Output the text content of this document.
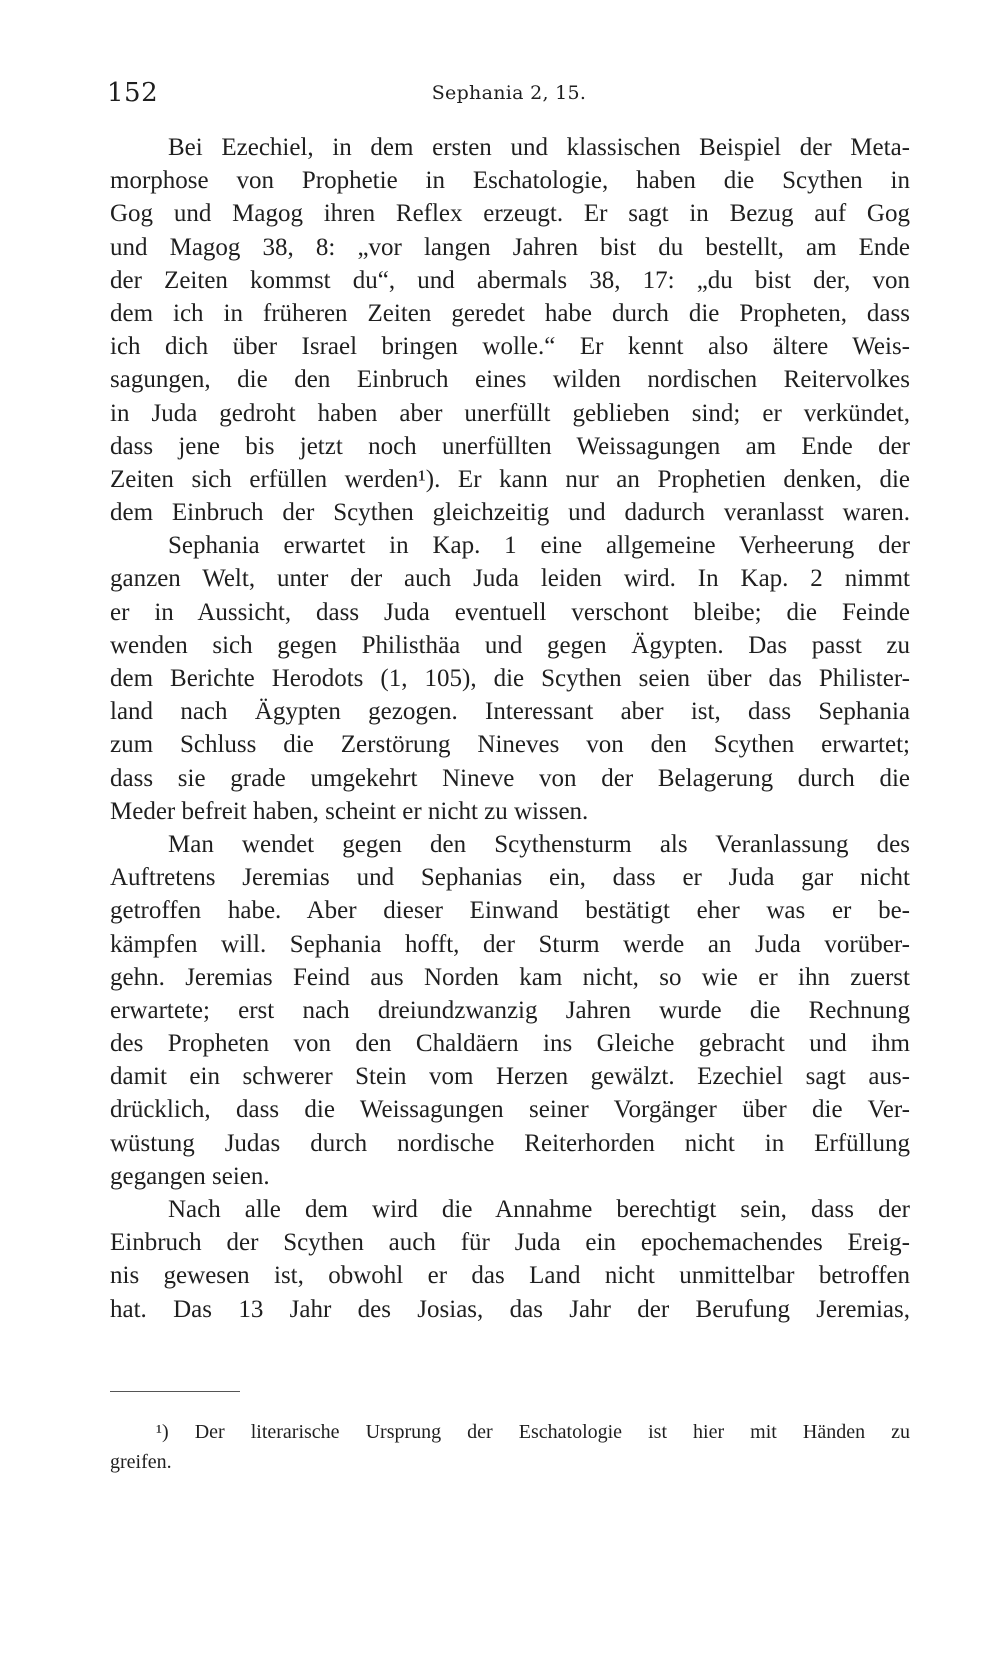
152	Sephania 2, 15.
Bei Ezechiel, in dem ersten und klassischen Beispiel der Meta-
morphose von Prophetie in Eschatologie, haben die Scythen in
Gog und Magog ihren Reflex erzeugt. Er sagt in Bezug auf Gog
und Magog 38, 8: „vor langen Jahren bist du bestellt, am Ende
der Zeiten kommst du“, und abermals 38, 17: „du bist der, von
dem ich in früheren Zeiten geredet habe durch die Propheten, dass
ich dich über Israel bringen wolle.“ Er kennt also ältere Weis-
sagungen, die den Einbruch eines wilden nordischen Reitervolkes
in Juda gedroht haben aber unerfüllt geblieben sind; er verkündet,
dass jene bis jetzt noch unerfüllten Weissagungen am Ende der
Zeiten sich erfüllen werden¹). Er kann nur an Prophetien denken, die
dem Einbruch der Scythen gleichzeitig und dadurch veranlasst waren.
Sephania erwartet in Kap. 1 eine allgemeine Verheerung der
ganzen Welt, unter der auch Juda leiden wird. In Kap. 2 nimmt
er in Aussicht, dass Juda eventuell verschont bleibe; die Feinde
wenden sich gegen Philisthäa und gegen Ägypten. Das passt zu
dem Berichte Herodots (1, 105), die Scythen seien über das Philister-
land nach Ägypten gezogen. Interessant aber ist, dass Sephania
zum Schluss die Zerstörung Nineves von den Scythen erwartet;
dass sie grade umgekehrt Nineve von der Belagerung durch die
Meder befreit haben, scheint er nicht zu wissen.
Man wendet gegen den Scythensturm als Veranlassung des
Auftretens Jeremias und Sephanias ein, dass er Juda gar nicht
getroffen habe. Aber dieser Einwand bestätigt eher was er be-
kämpfen will. Sephania hofft, der Sturm werde an Juda vorüber-
gehn. Jeremias Feind aus Norden kam nicht, so wie er ihn zuerst
erwartete; erst nach dreiundzwanzig Jahren wurde die Rechnung
des Propheten von den Chaldäern ins Gleiche gebracht und ihm
damit ein schwerer Stein vom Herzen gewälzt. Ezechiel sagt aus-
drücklich, dass die Weissagungen seiner Vorgänger über die Ver-
wüstung Judas durch nordische Reiterhorden nicht in Erfüllung
gegangen seien.
Nach alle dem wird die Annahme berechtigt sein, dass der
Einbruch der Scythen auch für Juda ein epochemachendes Ereig-
nis gewesen ist, obwohl er das Land nicht unmittelbar betroffen
hat. Das 13 Jahr des Josias, das Jahr der Berufung Jeremias,
¹) Der literarische Ursprung der Eschatologie ist hier mit Händen zu
greifen.
